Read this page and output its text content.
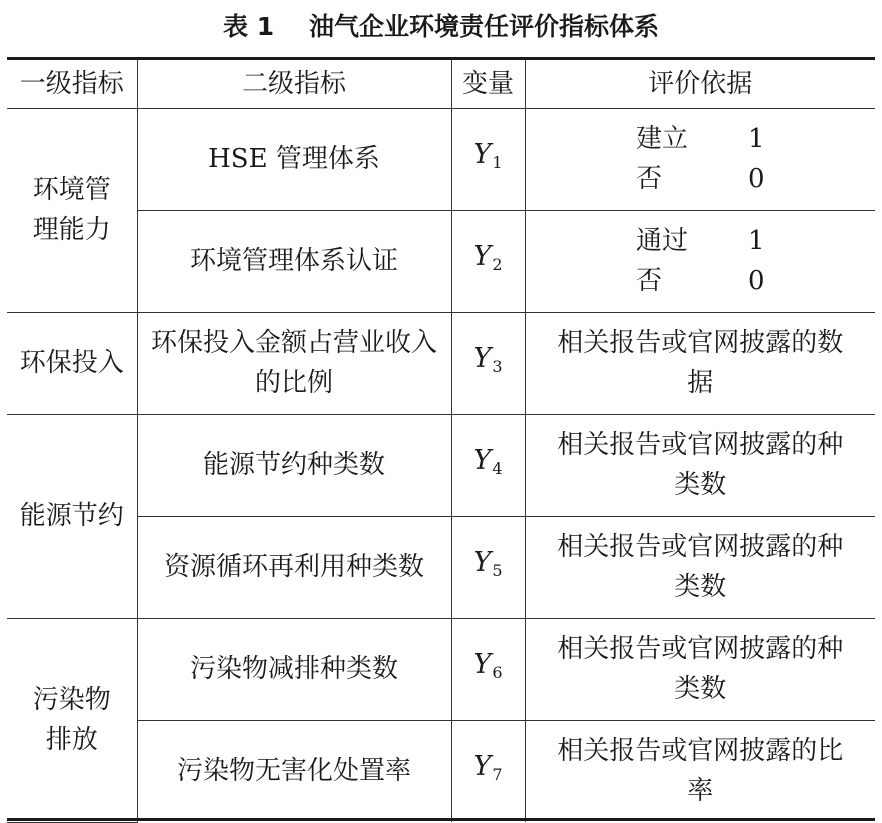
表 1    油气企业环境责任评价指标体系
一级指标	二级指标	变量	评价依据
环境管理能力	HSE 管理体系	$Y_1$	建立 1
否 0

	环境管理体系认证	$Y_2$	通过 1
否 0

环保投入	环保投入金额占营业收入的比例	$Y_3$	相关报告或官网披露的数据
能源节约	能源节约种类数	$Y_4$	相关报告或官网披露的种类数
	资源循环再利用种类数	$Y_5$	相关报告或官网披露的种类数
污染物排放	污染物减排种类数	$Y_6$	相关报告或官网披露的种类数
	污染物无害化处置率	$Y_7$	相关报告或官网披露的比率
